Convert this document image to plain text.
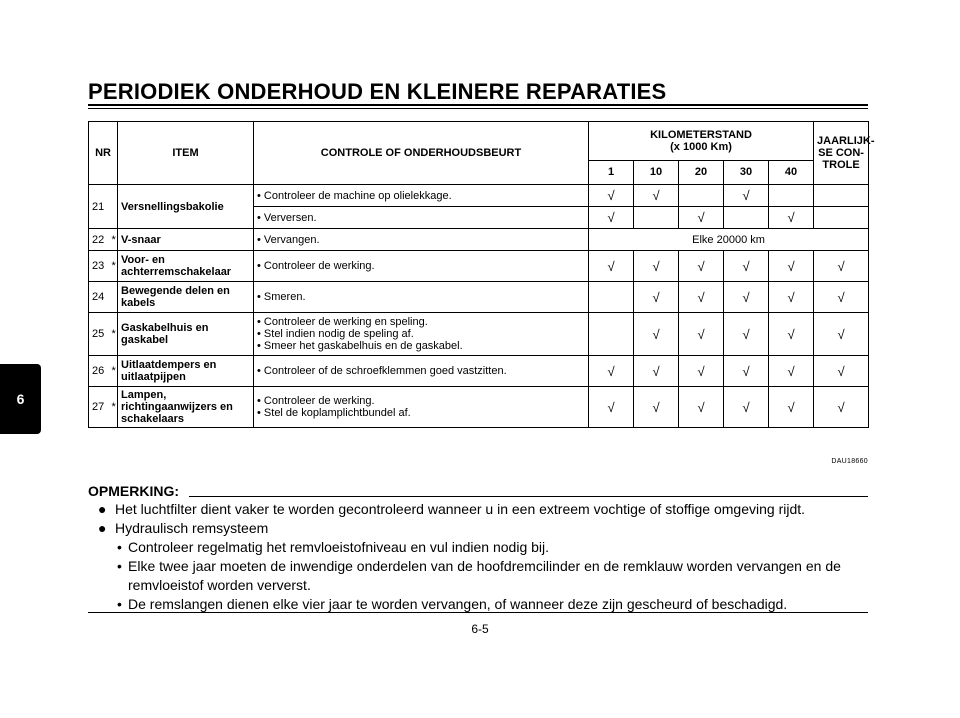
PERIODIEK ONDERHOUD EN KLEINERE REPARATIES
6
NR		ITEM	CONTROLE OF ONDERHOUDSBEURT	KILOMETERSTAND
(x 1000 Km)					JAARLIJK-SE CON-TROLE
				1	10	20	30	40	
21		Versnellingsbakolie	• Controleer de machine op olielekkage.	√	√		√		
			• Verversen.	√		√		√	
22	*	V-snaar	• Vervangen.	Elke 20000 km					
23	*	Voor- en achterremschakelaar	• Controleer de werking.	√	√	√	√	√	√
24		Bewegende delen en kabels	• Smeren.		√	√	√	√	√
25	*	Gaskabelhuis en gaskabel	• Controleer de werking en speling.
• Stel indien nodig de speling af.
• Smeer het gaskabelhuis en de gaskabel.		√	√	√	√	√
26	*	Uitlaatdempers en uitlaatpijpen	• Controleer of de schroefklemmen goed vastzitten.	√	√	√	√	√	√
27	*	Lampen, richtingaanwijzers en schakelaars	• Controleer de werking.
• Stel de koplamplichtbundel af.	√	√	√	√	√	√
DAU18660
OPMERKING:
● Het luchtfilter dient vaker te worden gecontroleerd wanneer u in een extreem vochtige of stoffige omgeving rijdt.
● Hydraulisch remsysteem
• Controleer regelmatig het remvloeistofniveau en vul indien nodig bij.
• Elke twee jaar moeten de inwendige onderdelen van de hoofdremcilinder en de remklauw worden vervangen en de remvloeistof worden ververst.
• De remslangen dienen elke vier jaar te worden vervangen, of wanneer deze zijn gescheurd of beschadigd.
6-5
